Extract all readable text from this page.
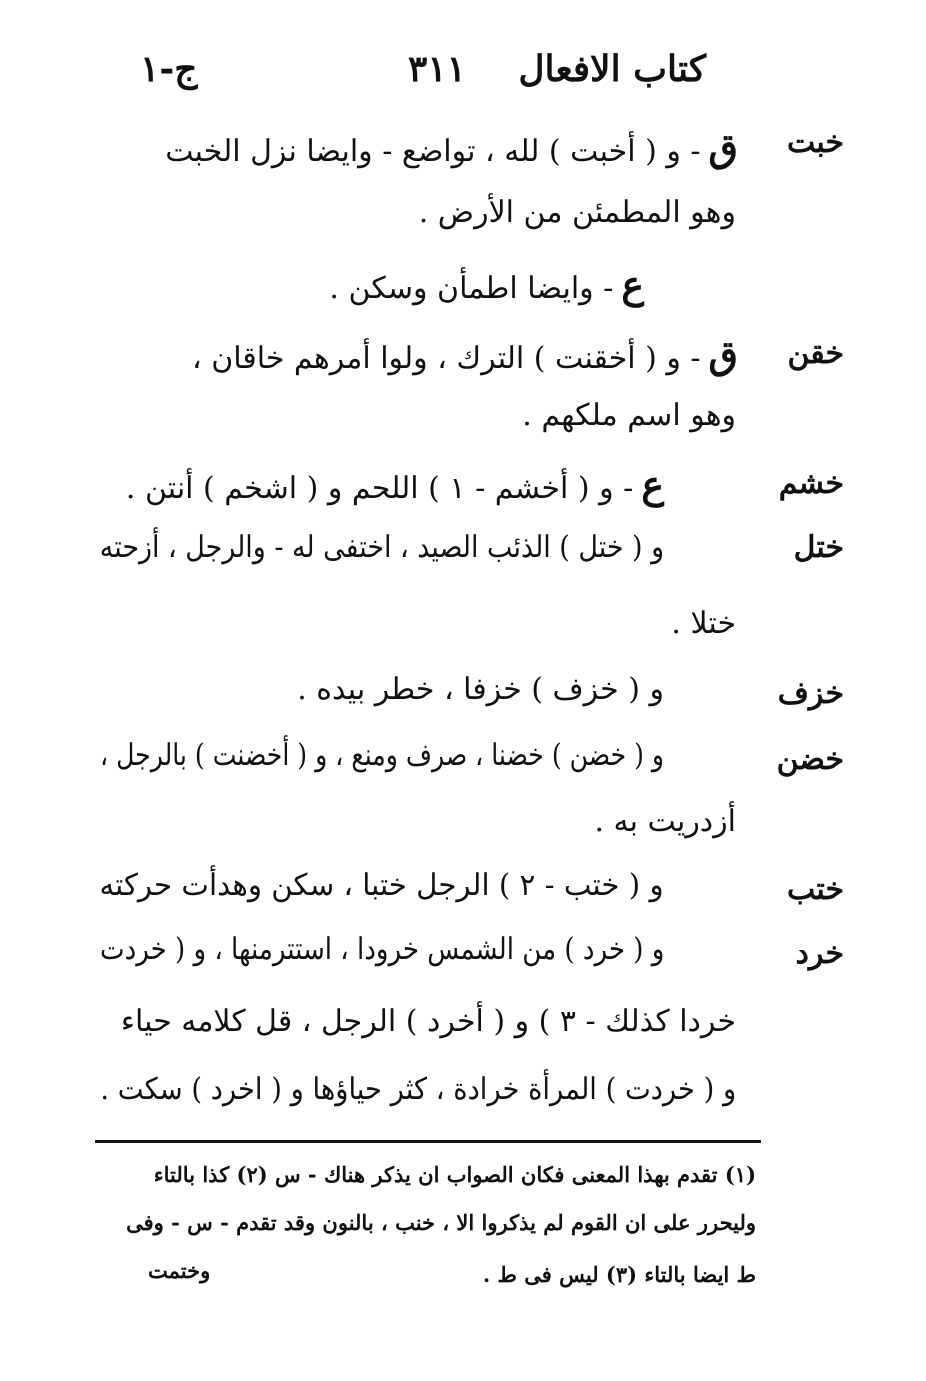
كتاب الافعال
٣١١
ج-١
خبت
ق- و ( أخبت ) لله ، تواضع - وايضا نزل الخبت
وهو المطمئن من الأرض .
ع- وايضا اطمأن وسكن .
خقن
ق- و ( أخقنت ) الترك ، ولوا أمرهم خاقان ،
وهو اسم ملكهم .
خشم
ع- و ( أخشم - ١ ) اللحم و ( اشخم ) أنتن .
ختل
و ( ختل ) الذئب الصيد ، اختفى له - والرجل ، أزحته
ختلا .
خزف
و ( خزف ) خزفا ، خطر بيده .
خضن
و ( خضن ) خضنا ، صرف ومنع ، و ( أخضنت ) بالرجل ،
أزدريت به .
ختب
و ( ختب - ٢ ) الرجل ختبا ، سكن وهدأت حركته
خرد
و ( خرد ) من الشمس خرودا ، استترمنها ، و ( خردت
خردا كذلك - ٣ ) و ( أخرد ) الرجل ، قل كلامه حياء
و ( خردت ) المرأة خرادة ، كثر حياؤها و ( اخرد ) سكت .
(١) تقدم بهذا المعنى فكان الصواب ان يذكر هناك - س (٢) كذا بالتاء
وليحرر على ان القوم لم يذكروا الا ، خنب ، بالنون وقد تقدم - س - وفى
ط ايضا بالتاء (٣) ليس فى ط .
وختمت
